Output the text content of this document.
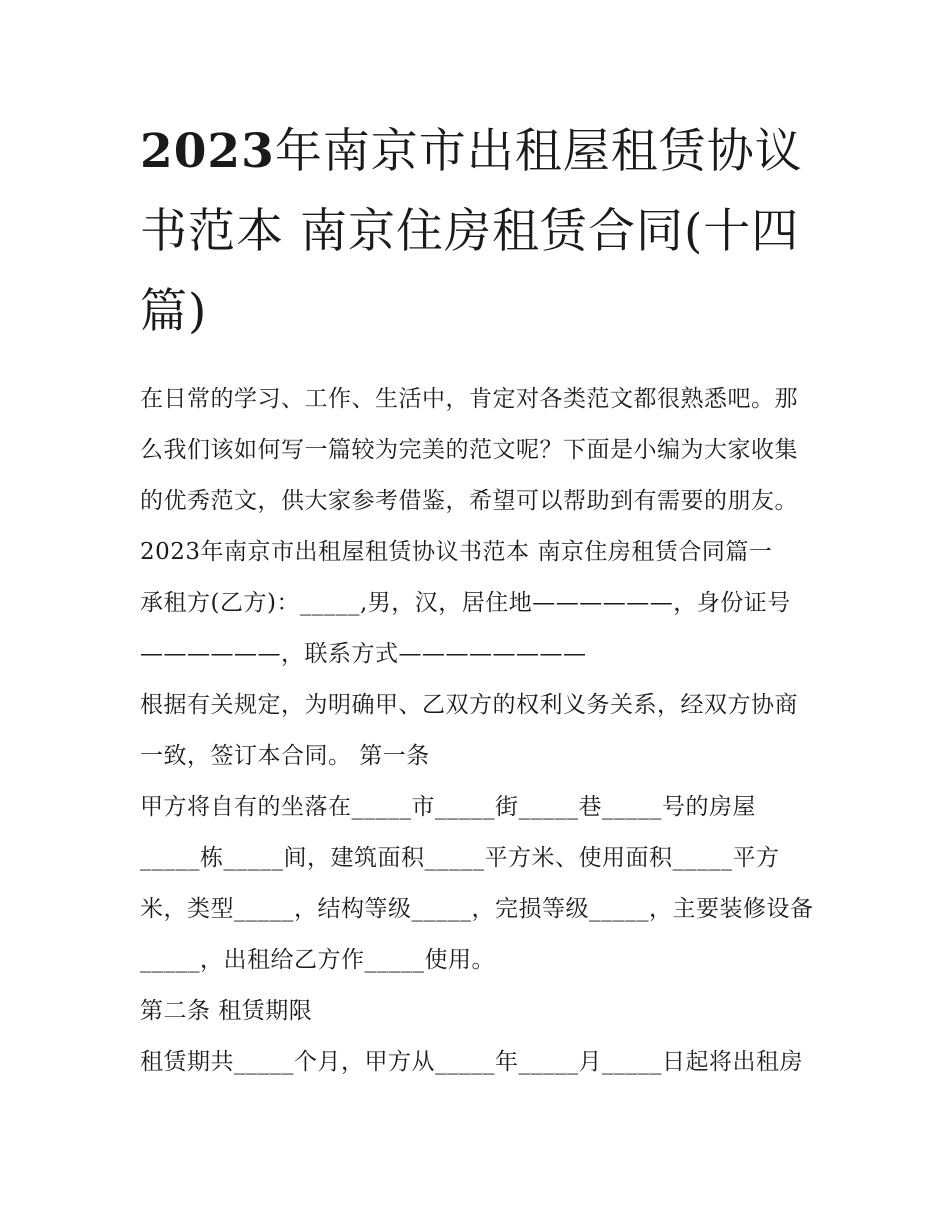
2023年南京市出租屋租赁协议书范本 南京住房租赁合同(十四篇)

在日常的学习、工作、生活中，肯定对各类范文都很熟悉吧。那么我们该如何写一篇较为完美的范文呢？下面是小编为大家收集的优秀范文，供大家参考借鉴，希望可以帮助到有需要的朋友。

2023年南京市出租屋租赁协议书范本 南京住房租赁合同篇一

承租方(乙方)：_____,男，汉，居住地——————，身份证号——————，联系方式————————

根据有关规定，为明确甲、乙双方的权利义务关系，经双方协商一致，签订本合同。 第一条

甲方将自有的坐落在_____市_____街_____巷_____号的房屋_____栋_____间，建筑面积_____平方米、使用面积_____平方米，类型_____，结构等级_____，完损等级_____，主要装修设备_____，出租给乙方作_____使用。

第二条 租赁期限

租赁期共_____个月，甲方从_____年_____月_____日起将出租房
